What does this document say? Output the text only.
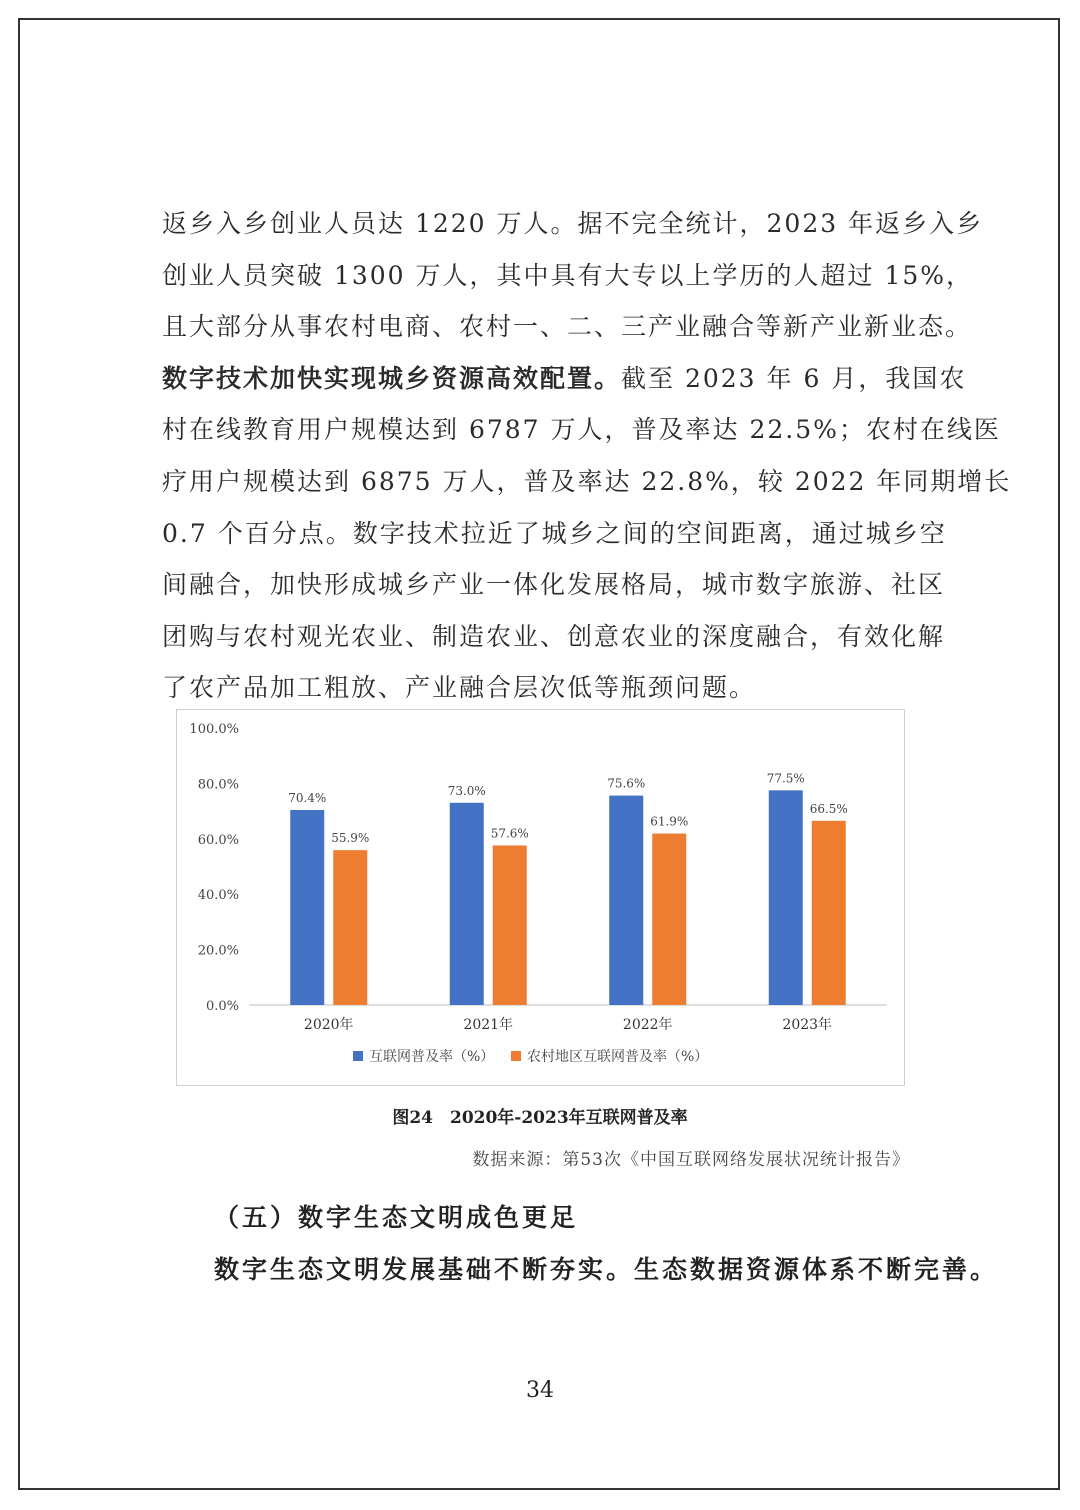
返乡入乡创业人员达 1220 万人。据不完全统计，2023 年返乡入乡
创业人员突破 1300 万人，其中具有大专以上学历的人超过 15%，
且大部分从事农村电商、农村一、二、三产业融合等新产业新业态。
数字技术加快实现城乡资源高效配置。截至 2023 年 6 月，我国农
村在线教育用户规模达到 6787 万人，普及率达 22.5%；农村在线医
疗用户规模达到 6875 万人，普及率达 22.8%，较 2022 年同期增长
0.7 个百分点。数字技术拉近了城乡之间的空间距离，通过城乡空
间融合，加快形成城乡产业一体化发展格局，城市数字旅游、社区
团购与农村观光农业、制造农业、创意农业的深度融合，有效化解
了农产品加工粗放、产业融合层次低等瓶颈问题。
0.0%
20.0%
40.0%
60.0%
80.0%
100.0%
70.4%
55.9%
2020年
73.0%
57.6%
2021年
75.6%
61.9%
2022年
77.5%
66.5%
2023年
互联网普及率（%） 农村地区互联网普及率（%）
图24　2020年-2023年互联网普及率
数据来源：第53次《中国互联网络发展状况统计报告》
（五）数字生态文明成色更足
数字生态文明发展基础不断夯实。生态数据资源体系不断完善。
34
